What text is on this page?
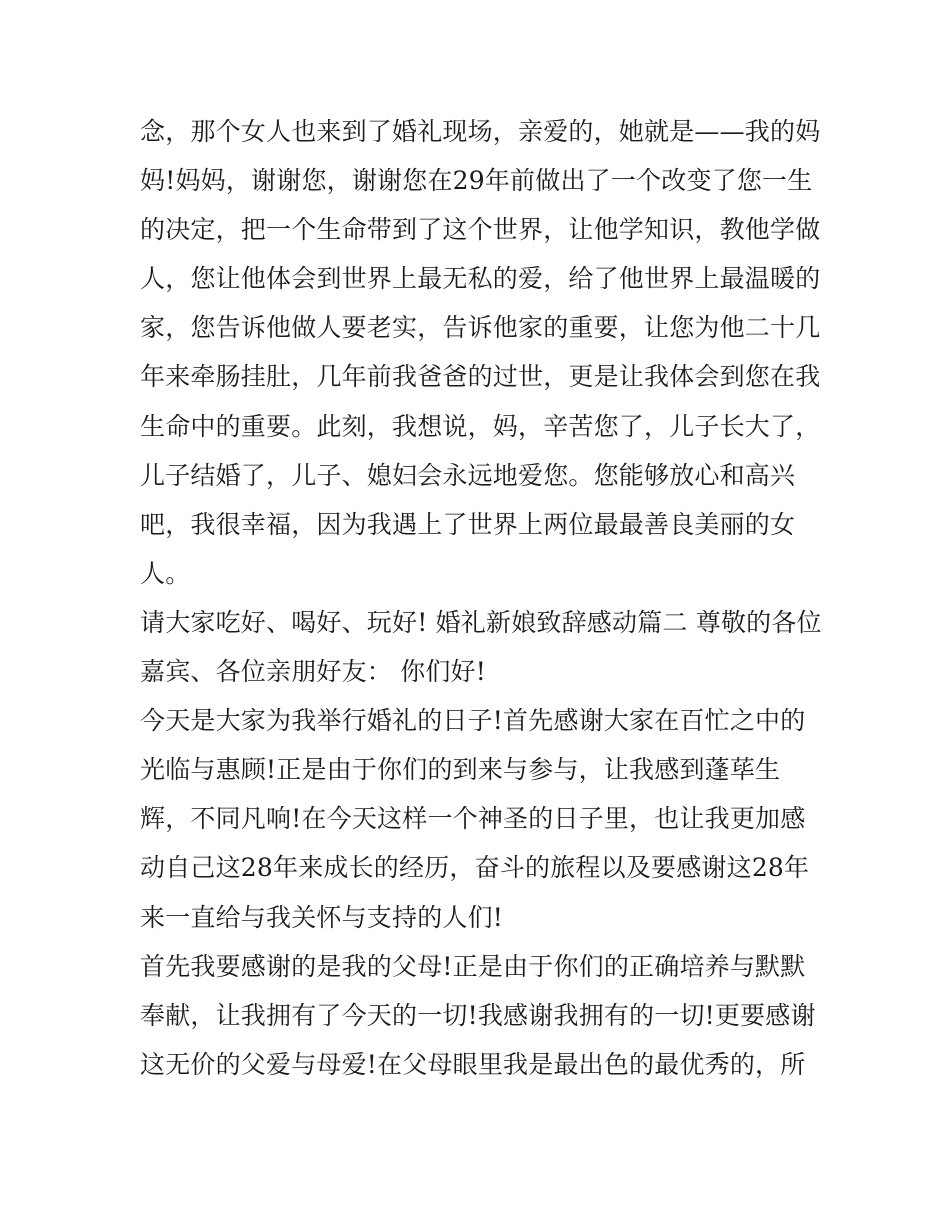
念，那个女人也来到了婚礼现场，亲爱的，她就是——我的妈
妈!妈妈，谢谢您，谢谢您在29年前做出了一个改变了您一生
的决定，把一个生命带到了这个世界，让他学知识，教他学做
人，您让他体会到世界上最无私的爱，给了他世界上最温暖的
家，您告诉他做人要老实，告诉他家的重要，让您为他二十几
年来牵肠挂肚，几年前我爸爸的过世，更是让我体会到您在我
生命中的重要。此刻，我想说，妈，辛苦您了，儿子长大了，
儿子结婚了，儿子、媳妇会永远地爱您。您能够放心和高兴
吧，我很幸福，因为我遇上了世界上两位最最善良美丽的女
人。
请大家吃好、喝好、玩好! 婚礼新娘致辞感动篇二 尊敬的各位
嘉宾、各位亲朋好友： 你们好!
今天是大家为我举行婚礼的日子!首先感谢大家在百忙之中的
光临与惠顾!正是由于你们的到来与参与，让我感到蓬荜生
辉，不同凡响!在今天这样一个神圣的日子里，也让我更加感
动自己这28年来成长的经历，奋斗的旅程以及要感谢这28年
来一直给与我关怀与支持的人们!
首先我要感谢的是我的父母!正是由于你们的正确培养与默默
奉献，让我拥有了今天的一切!我感谢我拥有的一切!更要感谢
这无价的父爱与母爱!在父母眼里我是最出色的最优秀的，所
